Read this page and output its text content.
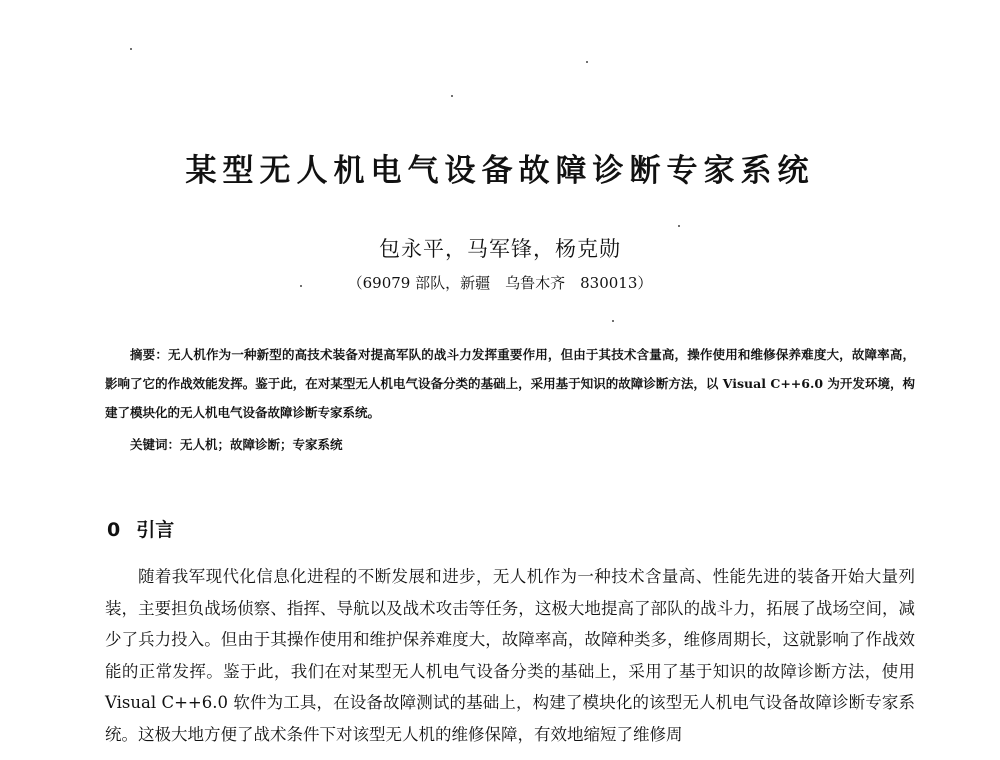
某型无人机电气设备故障诊断专家系统

包永平，马军锋，杨克勋

（69079 部队，新疆　乌鲁木齐　830013）

摘要：无人机作为一种新型的高技术装备对提高军队的战斗力发挥重要作用，但由于其技术含量高，操作使用和维修保养难度大，故障率高，影响了它的作战效能发挥。鉴于此，在对某型无人机电气设备分类的基础上，采用基于知识的故障诊断方法，以 Visual C++6.0 为开发环境，构建了模块化的无人机电气设备故障诊断专家系统。

关键词：无人机；故障诊断；专家系统

0 引言

随着我军现代化信息化进程的不断发展和进步，无人机作为一种技术含量高、性能先进的装备开始大量列装，主要担负战场侦察、指挥、导航以及战术攻击等任务，这极大地提高了部队的战斗力，拓展了战场空间，减少了兵力投入。但由于其操作使用和维护保养难度大，故障率高，故障种类多，维修周期长，这就影响了作战效能的正常发挥。鉴于此，我们在对某型无人机电气设备分类的基础上，采用了基于知识的故障诊断方法，使用 Visual C++6.0 软件为工具，在设备故障测试的基础上，构建了模块化的该型无人机电气设备故障诊断专家系统。这极大地方便了战术条件下对该型无人机的维修保障，有效地缩短了维修周
